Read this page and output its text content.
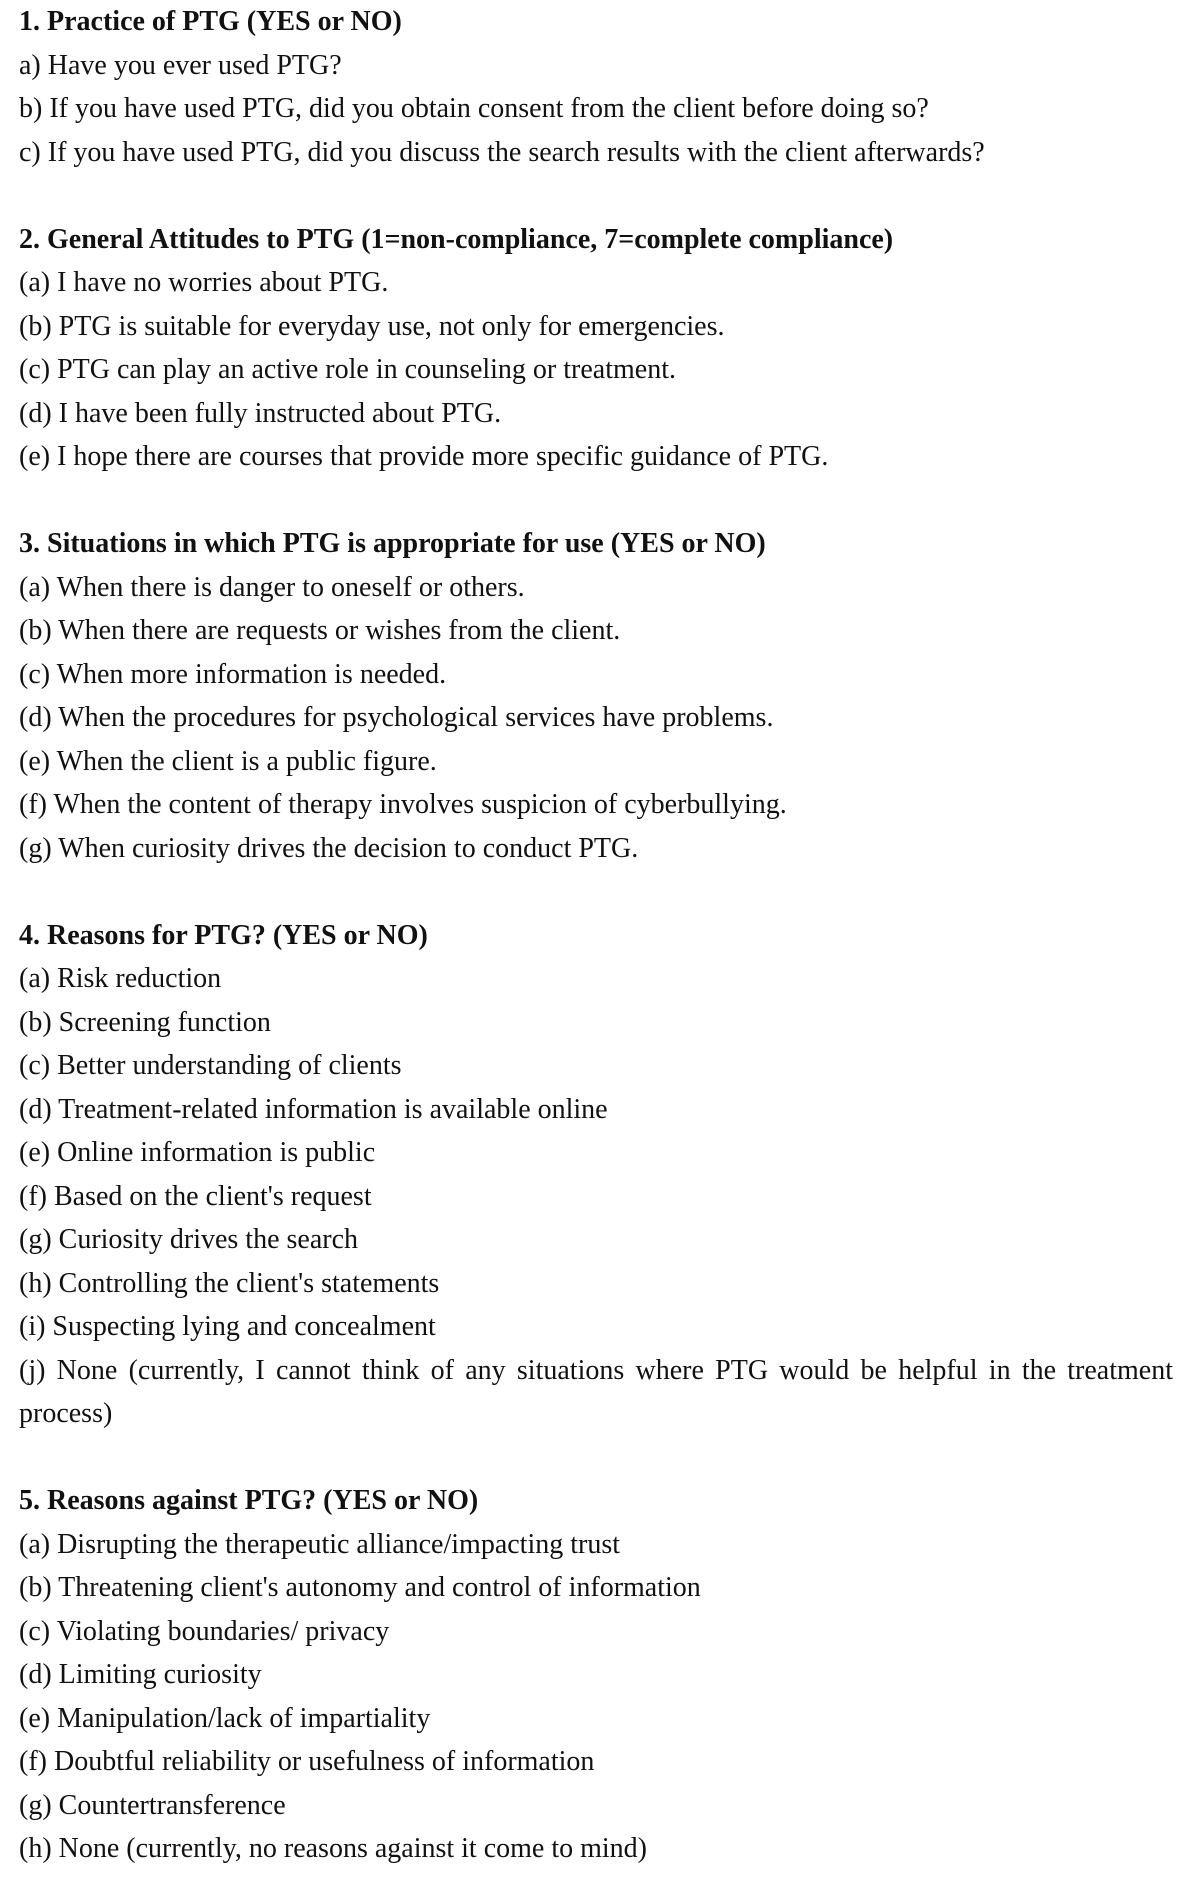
1. Practice of PTG (YES or NO)

a) Have you ever used PTG?

b) If you have used PTG, did you obtain consent from the client before doing so?

c) If you have used PTG, did you discuss the search results with the client afterwards?

2. General Attitudes to PTG (1=non-compliance, 7=complete compliance)

(a) I have no worries about PTG.

(b) PTG is suitable for everyday use, not only for emergencies.

(c) PTG can play an active role in counseling or treatment.

(d) I have been fully instructed about PTG.

(e) I hope there are courses that provide more specific guidance of PTG.

3. Situations in which PTG is appropriate for use (YES or NO)

(a) When there is danger to oneself or others.

(b) When there are requests or wishes from the client.

(c) When more information is needed.

(d) When the procedures for psychological services have problems.

(e) When the client is a public figure.

(f) When the content of therapy involves suspicion of cyberbullying.

(g) When curiosity drives the decision to conduct PTG.

4. Reasons for PTG? (YES or NO)

(a) Risk reduction

(b) Screening function

(c) Better understanding of clients

(d) Treatment-related information is available online

(e) Online information is public

(f) Based on the client's request

(g) Curiosity drives the search

(h) Controlling the client's statements

(i) Suspecting lying and concealment

(j) None (currently, I cannot think of any situations where PTG would be helpful in the treatment process)

5. Reasons against PTG? (YES or NO)

(a) Disrupting the therapeutic alliance/impacting trust

(b) Threatening client's autonomy and control of information

(c) Violating boundaries/ privacy

(d) Limiting curiosity

(e) Manipulation/lack of impartiality

(f) Doubtful reliability or usefulness of information

(g) Countertransference

(h) None (currently, no reasons against it come to mind)
